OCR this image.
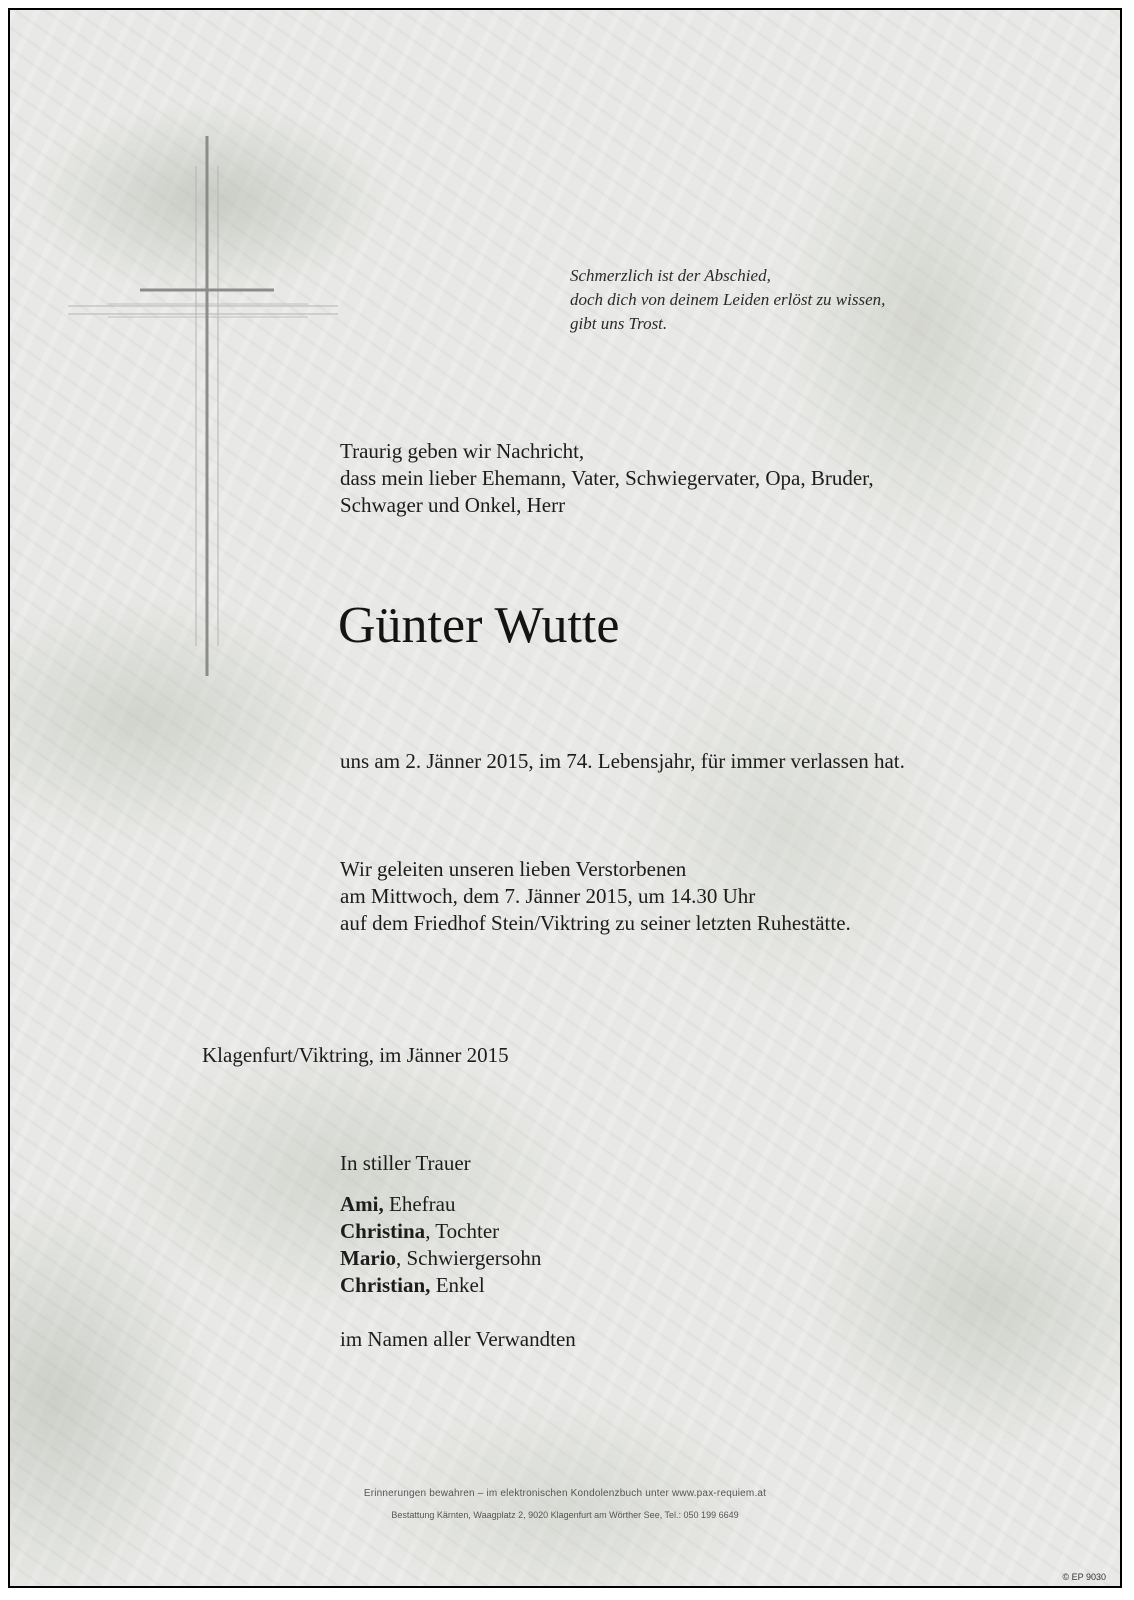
Schmerzlich ist der Abschied,
doch dich von deinem Leiden erlöst zu wissen,
gibt uns Trost.
Traurig geben wir Nachricht,
dass mein lieber Ehemann, Vater, Schwiegervater, Opa, Bruder,
Schwager und Onkel, Herr
Günter Wutte

uns am 2. Jänner 2015, im 74. Lebensjahr, für immer verlassen hat.

Wir geleiten unseren lieben Verstorbenen
am Mittwoch, dem 7. Jänner 2015, um 14.30 Uhr
auf dem Friedhof Stein/Viktring zu seiner letzten Ruhestätte.
Klagenfurt/Viktring, im Jänner 2015
In stiller Trauer
Ami, Ehefrau
Christina, Tochter
Mario, Schwiergersohn
Christian, Enkel
im Namen aller Verwandten
Erinnerungen bewahren – im elektronischen Kondolenzbuch unter www.pax-requiem.at
Bestattung Kärnten, Waagplatz 2, 9020 Klagenfurt am Wörther See, Tel.: 050 199 6649
© EP 9030
